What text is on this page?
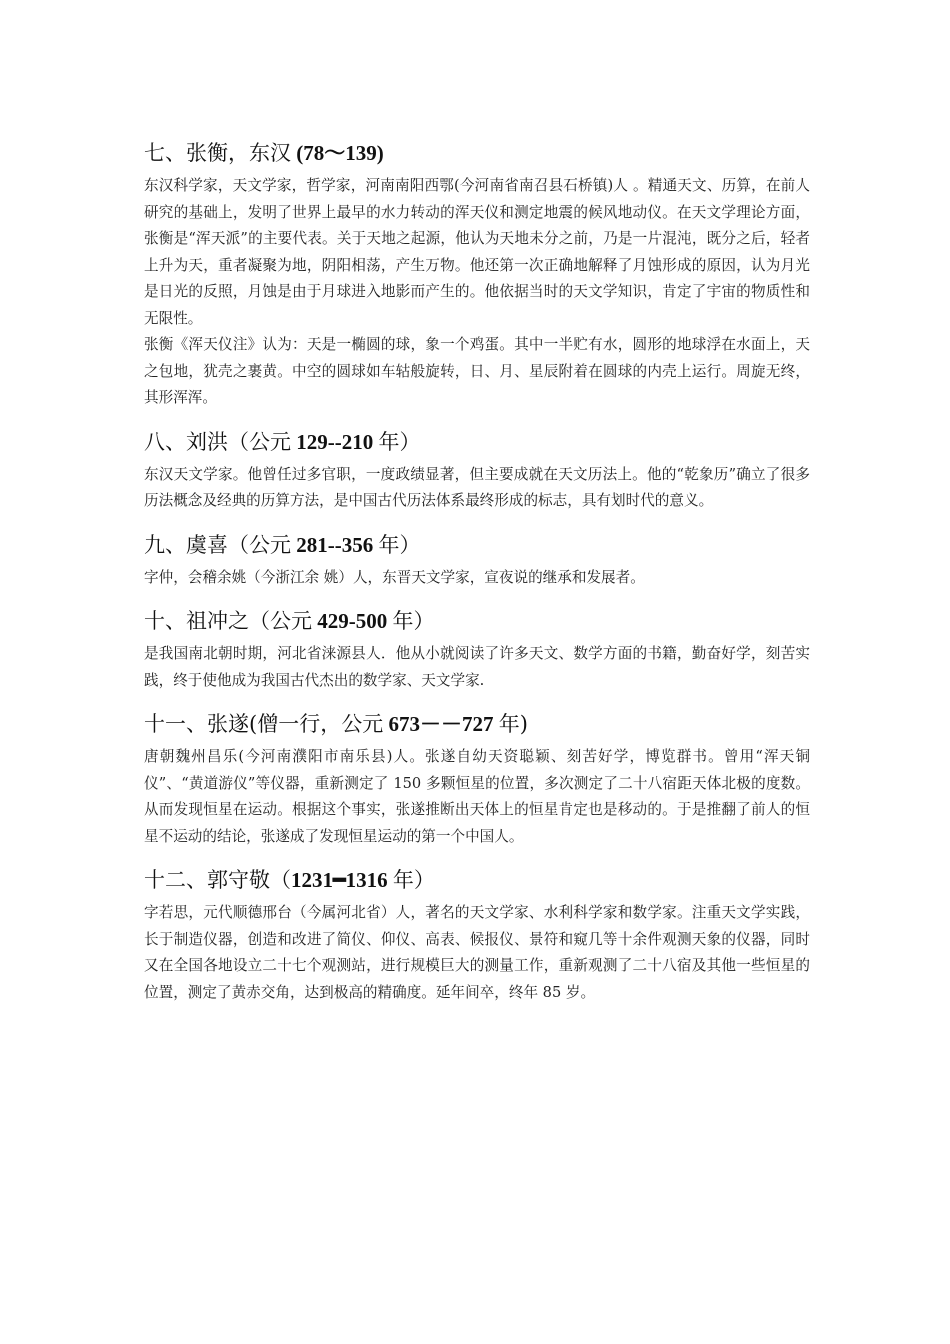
七、张衡，东汉 (78～139)

东汉科学家，天文学家，哲学家，河南南阳西鄂(今河南省南召县石桥镇)人 。精通天文、历算，在前人研究的基础上，发明了世界上最早的水力转动的浑天仪和测定地震的候风地动仪。在天文学理论方面，张衡是“浑天派”的主要代表。关于天地之起源，他认为天地未分之前，乃是一片混沌，既分之后，轻者上升为天，重者凝聚为地，阴阳相荡，产生万物。他还第一次正确地解释了月蚀形成的原因，认为月光是日光的反照，月蚀是由于月球进入地影而产生的。他依据当时的天文学知识，肯定了宇宙的物质性和无限性。

张衡《浑天仪注》认为：天是一椭圆的球，象一个鸡蛋。其中一半贮有水，圆形的地球浮在水面上，天之包地，犹壳之裹黄。中空的圆球如车轱般旋转，日、月、星辰附着在圆球的内壳上运行。周旋无终，其形浑浑。

八、刘洪（公元 129--210 年）

东汉天文学家。他曾任过多官职，一度政绩显著，但主要成就在天文历法上。他的“乾象历”确立了很多历法概念及经典的历算方法，是中国古代历法体系最终形成的标志，具有划时代的意义。

九、虞喜（公元 281--356 年）

字仲，会稽余姚（今浙江余 姚）人，东晋天文学家，宣夜说的继承和发展者。

十、祖冲之（公元 429-500 年）

是我国南北朝时期，河北省涞源县人．他从小就阅读了许多天文、数学方面的书籍，勤奋好学，刻苦实践，终于使他成为我国古代杰出的数学家、天文学家.

十一、张遂(僧一行，公元 673－－727 年)

唐朝魏州昌乐(今河南濮阳市南乐县)人。张遂自幼天资聪颖、刻苦好学，博览群书。曾用“浑天铜仪”、“黄道游仪”等仪器，重新测定了 150 多颗恒星的位置，多次测定了二十八宿距天体北极的度数。从而发现恒星在运动。根据这个事实，张遂推断出天体上的恒星肯定也是移动的。于是推翻了前人的恒星不运动的结论，张遂成了发现恒星运动的第一个中国人。

十二、郭守敬（1231━1316 年）

字若思，元代顺德邢台（今属河北省）人，著名的天文学家、水利科学家和数学家。注重天文学实践，长于制造仪器，创造和改进了简仪、仰仪、高表、候报仪、景符和窥几等十余件观测天象的仪器，同时又在全国各地设立二十七个观测站，进行规模巨大的测量工作，重新观测了二十八宿及其他一些恒星的位置，测定了黄赤交角，达到极高的精确度。延年间卒，终年 85 岁。
